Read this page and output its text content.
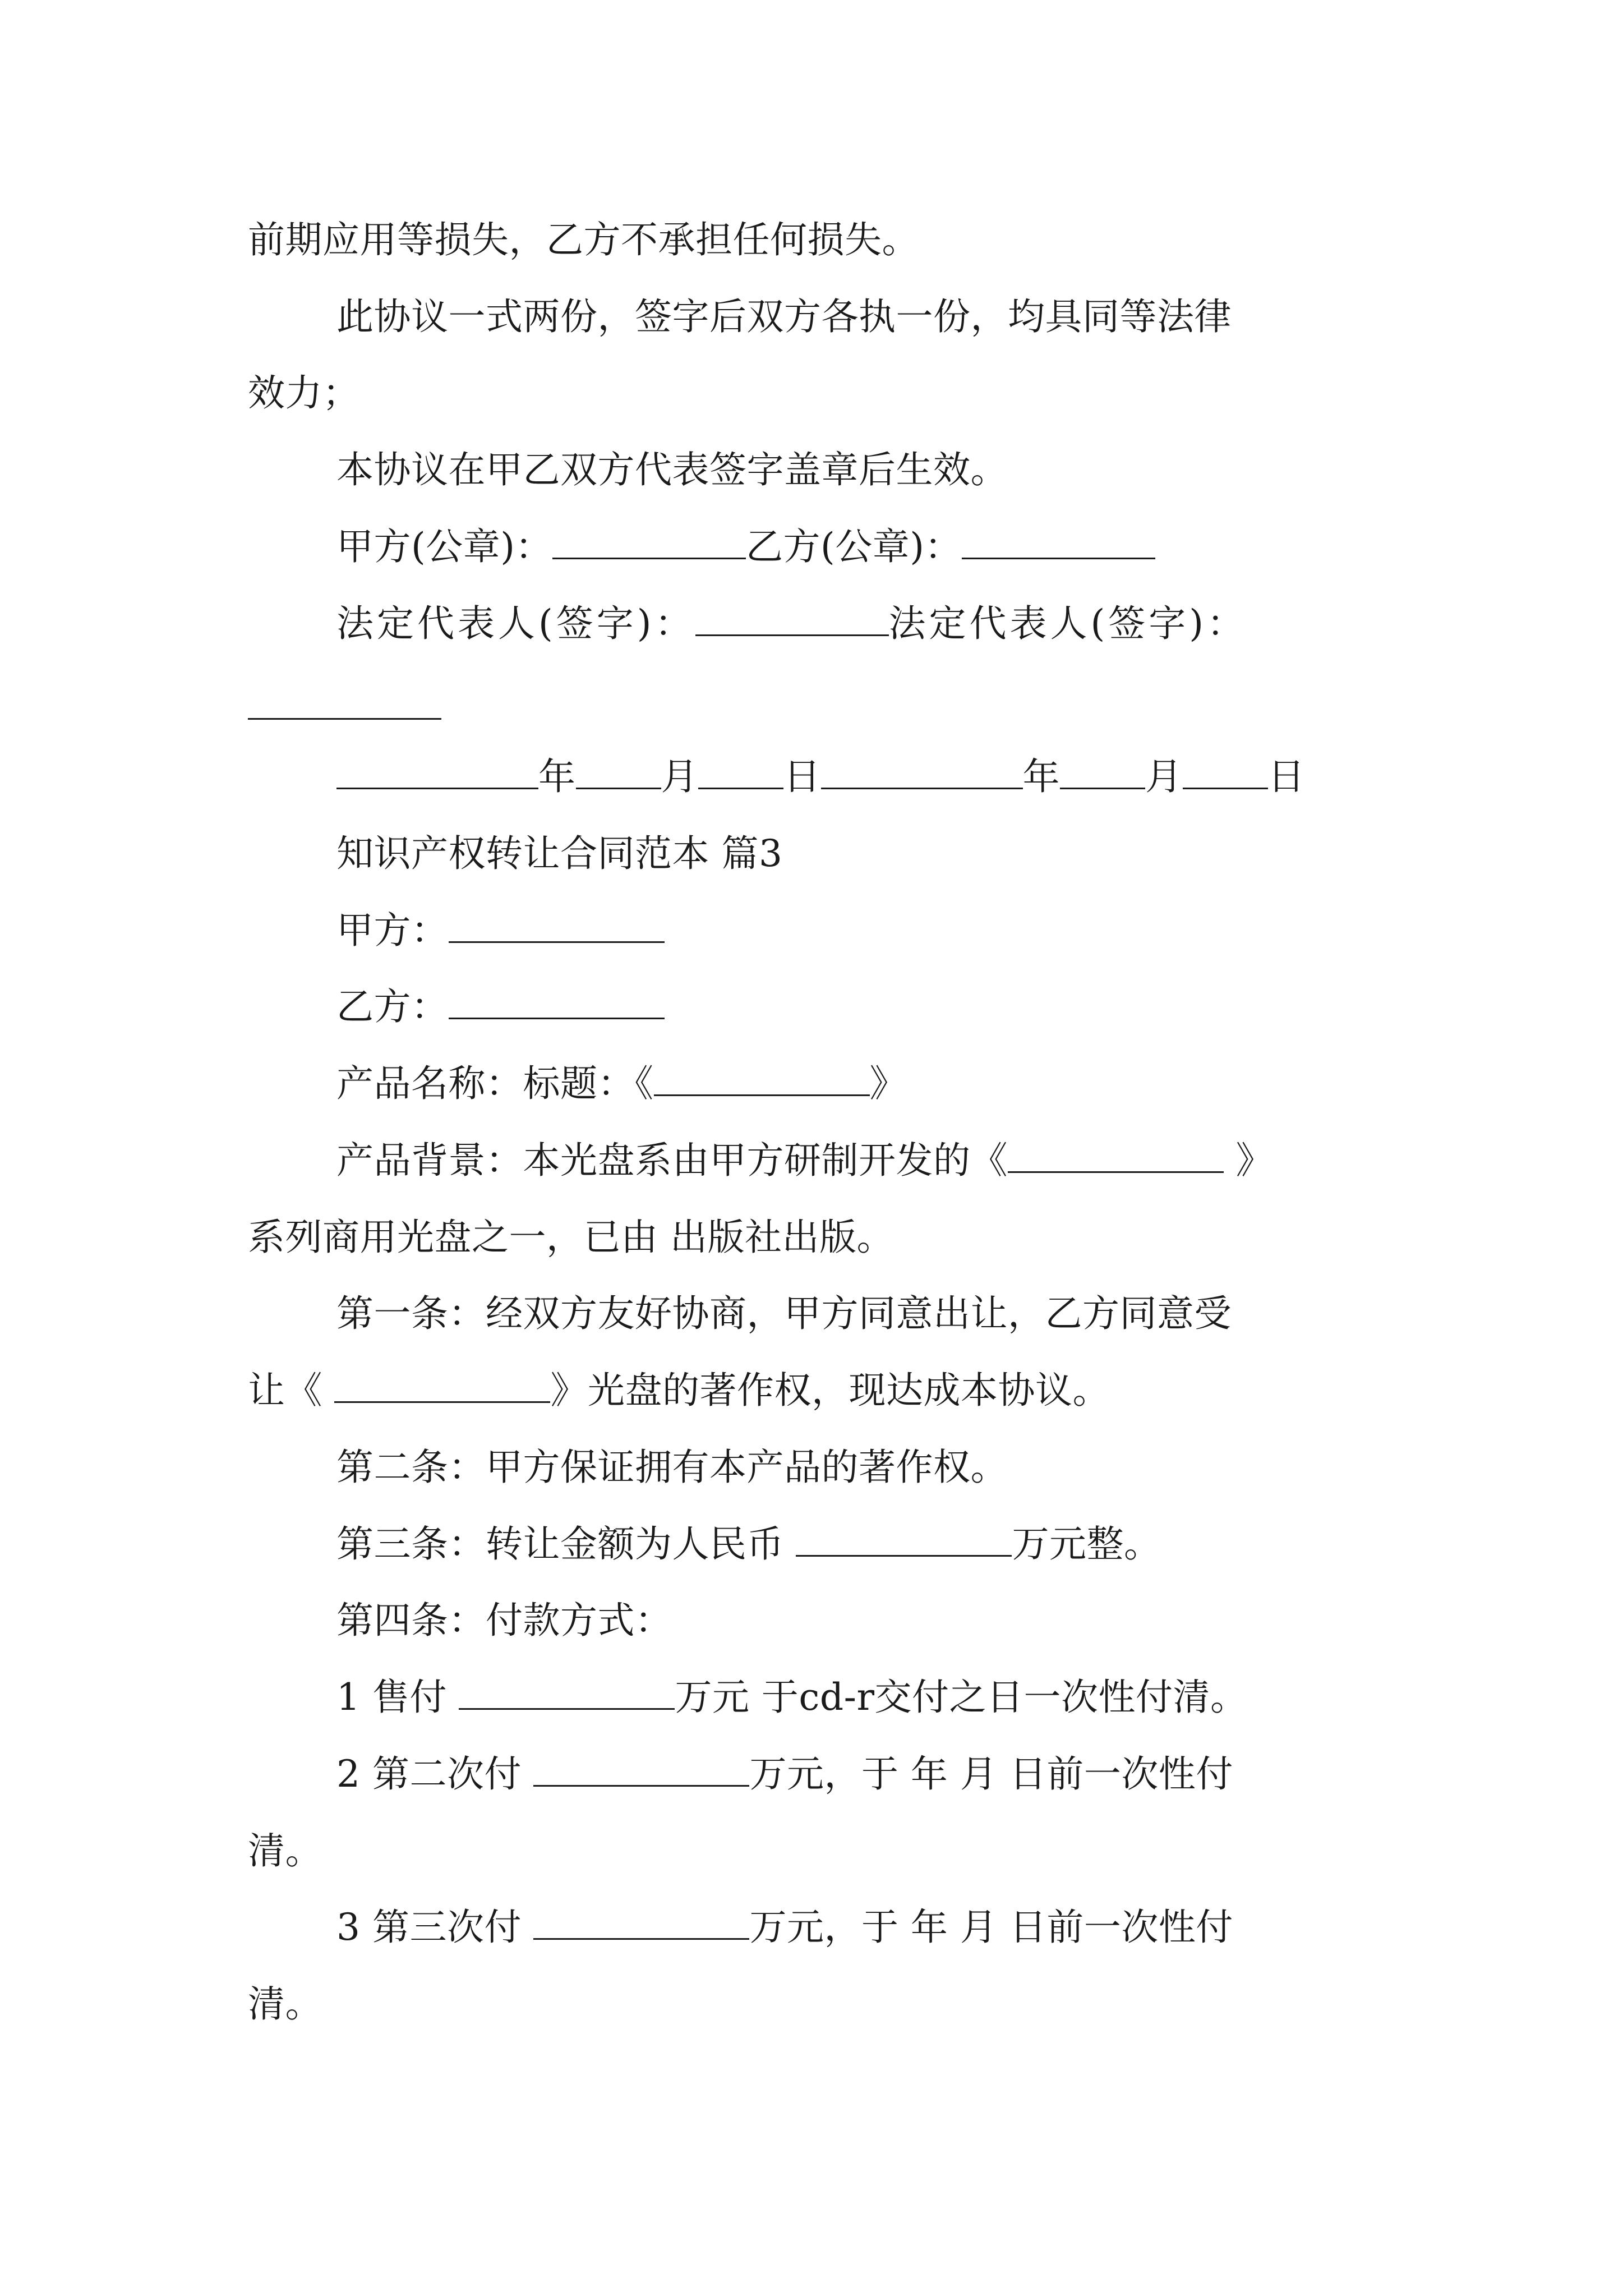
前期应用等损失，乙方不承担任何损失。
此协议一式两份，签字后双方各执一份，均具同等法律
效力；
本协议在甲乙双方代表签字盖章后生效。
甲方(公章)：	乙方(公章)：
法定代表人(签字)：	法定代表人(签字)：
年 月 日	年 月 日
知识产权转让合同范本 篇3
甲方：
乙方：
产品名称：标题：《	》
产品背景：本光盘系由甲方研制开发的《	》
系列商用光盘之一，已由 出版社出版。
第一条：经双方友好协商，甲方同意出让，乙方同意受
让《	》光盘的著作权，现达成本协议。
第二条：甲方保证拥有本产品的著作权。
第三条：转让金额为人民币	万元整。
第四条：付款方式：
1 售付	万元 于cd-r交付之日一次性付清。
2 第二次付	万元，于 年 月 日前一次性付
清。
3 第三次付	万元，于 年 月 日前一次性付
清。
